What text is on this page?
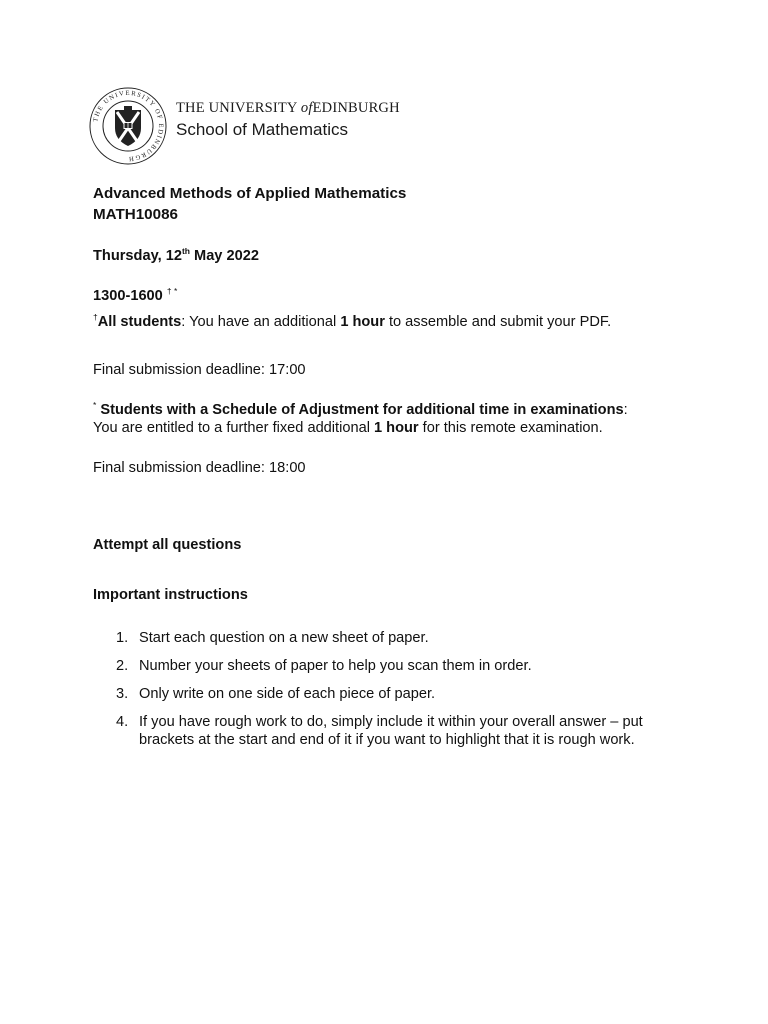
THE UNIVERSITY OF EDINBURGH
THE UNIVERSITY ofEDINBURGH
School of Mathematics
Advanced Methods of Applied Mathematics
MATH10086
Thursday, 12th May 2022
1300-1600 † *
†All students: You have an additional 1 hour to assemble and submit your PDF.
Final submission deadline: 17:00
* Students with a Schedule of Adjustment for additional time in examinations:
You are entitled to a further fixed additional 1 hour for this remote examination.
Final submission deadline: 18:00
Attempt all questions
Important instructions
1. Start each question on a new sheet of paper.
2. Number your sheets of paper to help you scan them in order.
3. Only write on one side of each piece of paper.
4. If you have rough work to do, simply include it within your overall answer – put brackets at the start and end of it if you want to highlight that it is rough work.
